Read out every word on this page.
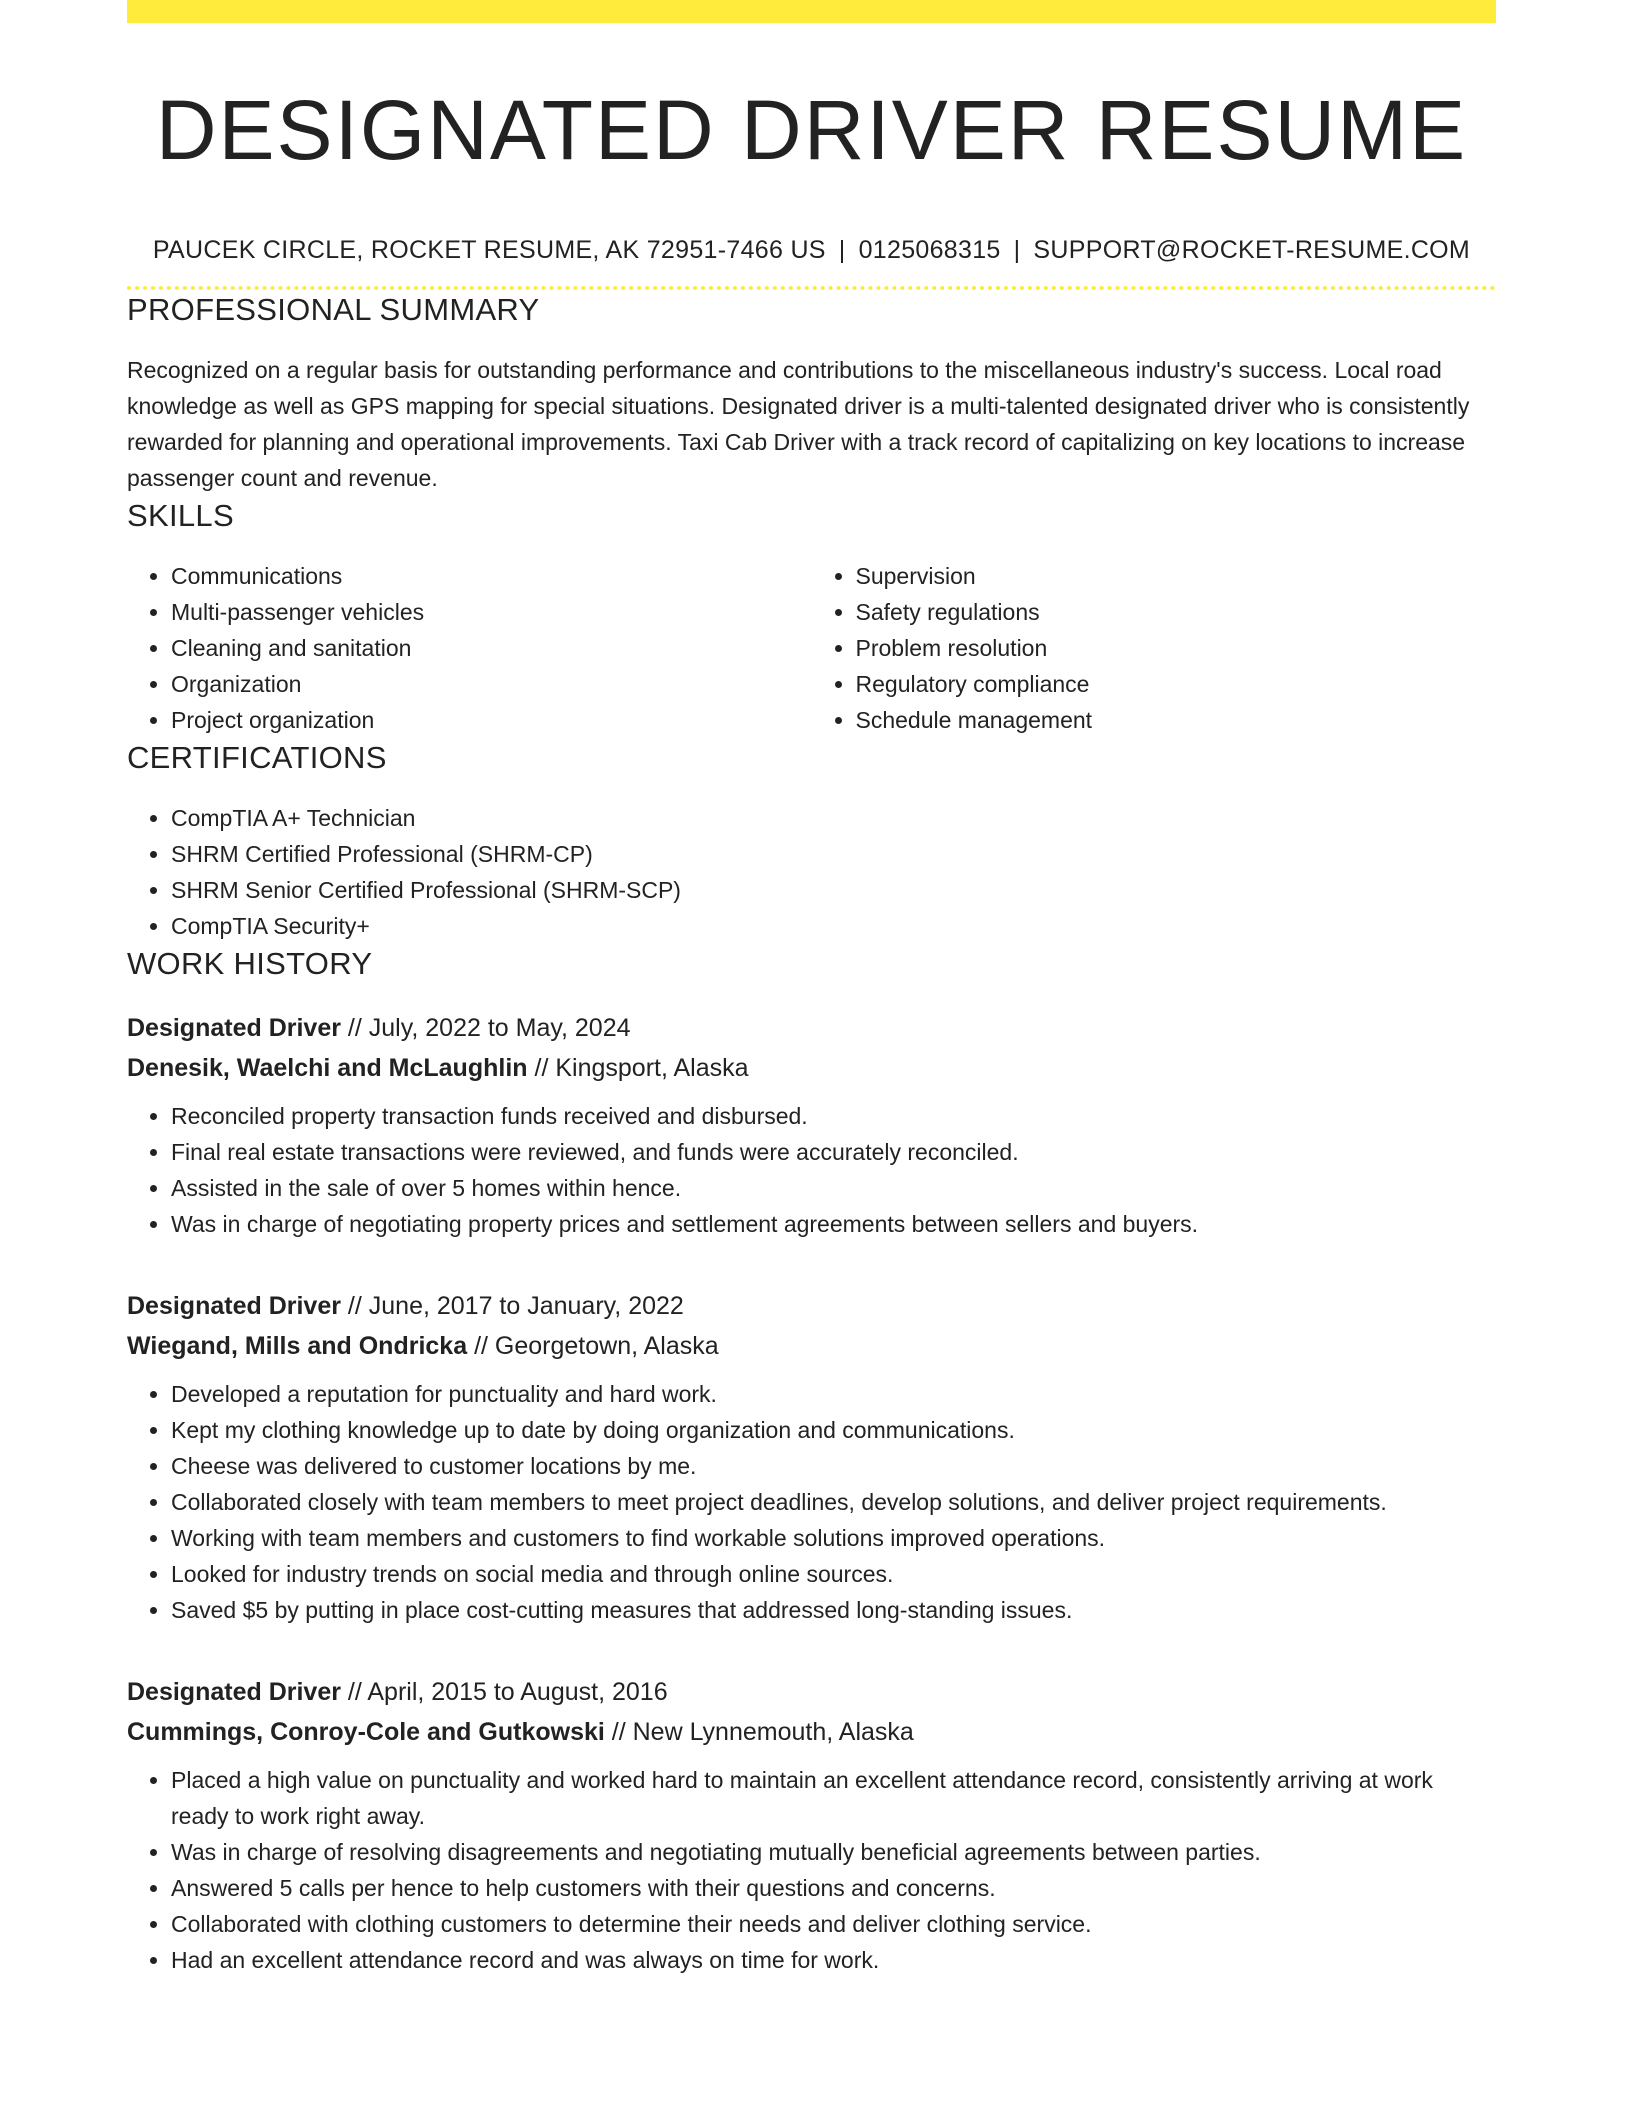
DESIGNATED DRIVER RESUME
PAUCEK CIRCLE, ROCKET RESUME, AK 72951-7466 US | 0125068315 | SUPPORT@ROCKET-RESUME.COM
PROFESSIONAL SUMMARY

Recognized on a regular basis for outstanding performance and contributions to the miscellaneous industry's success. Local road knowledge as well as GPS mapping for special situations. Designated driver is a multi-talented designated driver who is consistently rewarded for planning and operational improvements. Taxi Cab Driver with a track record of capitalizing on key locations to increase passenger count and revenue.

SKILLS
• Communications
• Multi-passenger vehicles
• Cleaning and sanitation
• Organization
• Project organization
• Supervision
• Safety regulations
• Problem resolution
• Regulatory compliance
• Schedule management
CERTIFICATIONS
• CompTIA A+ Technician
• SHRM Certified Professional (SHRM-CP)
• SHRM Senior Certified Professional (SHRM-SCP)
• CompTIA Security+
WORK HISTORY
Designated Driver // July, 2022 to May, 2024
Denesik, Waelchi and McLaughlin // Kingsport, Alaska
• Reconciled property transaction funds received and disbursed.
• Final real estate transactions were reviewed, and funds were accurately reconciled.
• Assisted in the sale of over 5 homes within hence.
• Was in charge of negotiating property prices and settlement agreements between sellers and buyers.
Designated Driver // June, 2017 to January, 2022
Wiegand, Mills and Ondricka // Georgetown, Alaska
• Developed a reputation for punctuality and hard work.
• Kept my clothing knowledge up to date by doing organization and communications.
• Cheese was delivered to customer locations by me.
• Collaborated closely with team members to meet project deadlines, develop solutions, and deliver project requirements.
• Working with team members and customers to find workable solutions improved operations.
• Looked for industry trends on social media and through online sources.
• Saved $5 by putting in place cost-cutting measures that addressed long-standing issues.
Designated Driver // April, 2015 to August, 2016
Cummings, Conroy-Cole and Gutkowski // New Lynnemouth, Alaska
• Placed a high value on punctuality and worked hard to maintain an excellent attendance record, consistently arriving at work ready to work right away.
• Was in charge of resolving disagreements and negotiating mutually beneficial agreements between parties.
• Answered 5 calls per hence to help customers with their questions and concerns.
• Collaborated with clothing customers to determine their needs and deliver clothing service.
• Had an excellent attendance record and was always on time for work.
